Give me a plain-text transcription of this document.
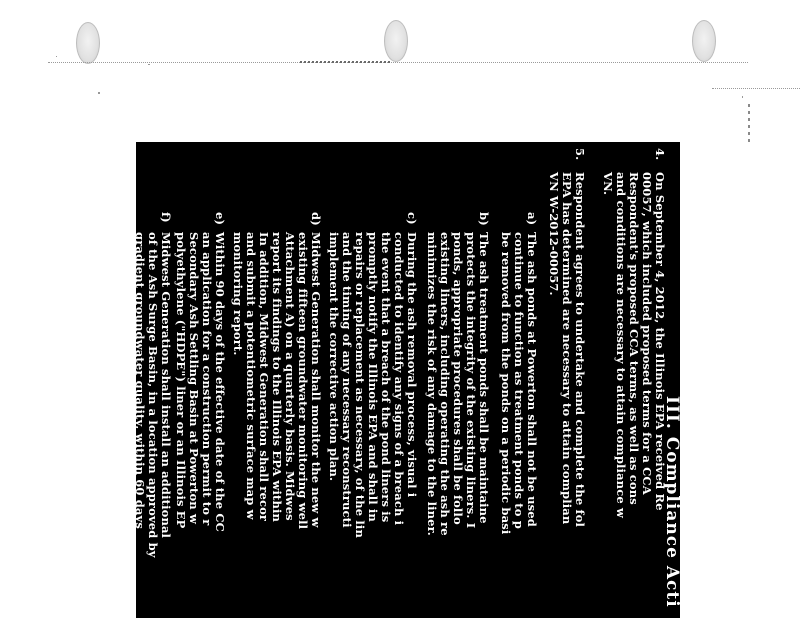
III. Compliance Acti
4.
On September 4, 2012, the Illinois EPA received Re
00057, which included proposed terms for a CCA
Respondent's proposed CCA terms, as well as cons
and conditions are necessary to attain compliance w
VN.
5.
Respondent agrees to undertake and complete the fol
EPA has determined are necessary to attain complian
VN W-2012-00057.
a)
The ash ponds at Powerton shall not be used
continue to function as treatment ponds to p
be removed from the ponds on a periodic basi
b)
The ash treatment ponds shall be maintaine
protects the integrity of the existing liners. I
ponds, appropriate procedures shall be follo
existing liners, including operating the ash re
minimizes the risk of any damage to the liner.
c)
During the ash removal process, visual i
conducted to identify any signs of a breach i
the event that a breach of the pond liners is
promptly notify the Illinois EPA and shall in
repairs or replacement as necessary, of the lin
and the timing of any necessary reconstructi
implement the corrective action plan.
d)
Midwest Generation shall monitor the new w
existing fifteen groundwater monitoring well
Attachment A) on a quarterly basis. Midwes
report its findings to the Illinois EPA within
In addition, Midwest Generation shall recor
and submit a potentiometric surface map w
monitoring report.
e)
Within 90 days of the effective date of the CC
an application for a construction permit to r
Secondary Ash Settling Basin at Powerton w
polyethylene ("HDPE") liner or an Illinois EP
f)
Midwest Generation shall install an additional
of the Ash Surge Basin, in a location approved by
gradient groundwater quality, within 60 days
